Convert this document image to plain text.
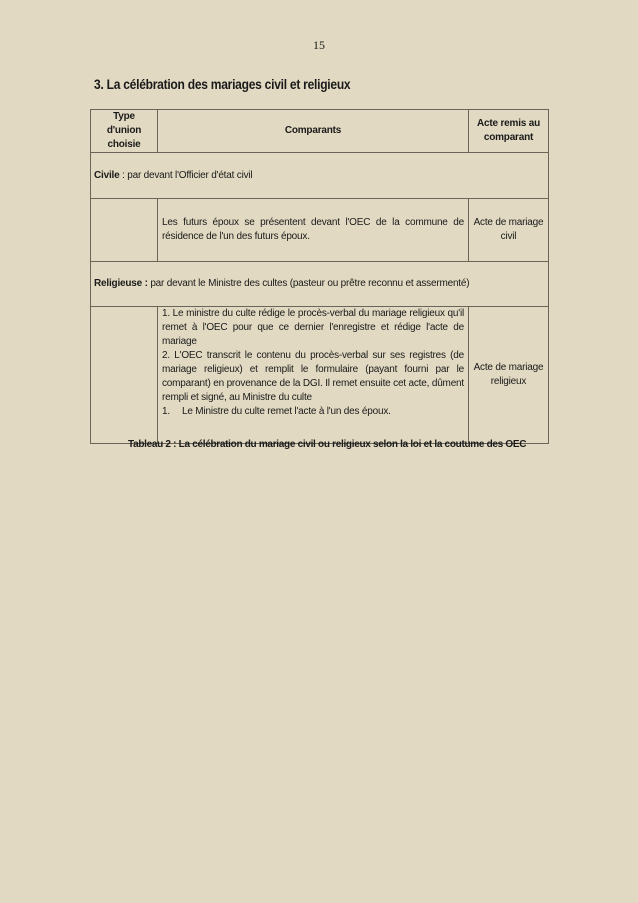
15
3. La célébration des mariages civil et religieux
Type d'union choisie	Comparants	Acte remis au comparant
Civile : par devant l'Officier d'état civil		
	Les futurs époux se présentent devant l'OEC de la commune de résidence de l'un des futurs époux.	Acte de mariage civil
Religieuse : par devant le Ministre des cultes (pasteur ou prêtre reconnu et assermenté)		

	1. Le ministre du culte rédige le procès-verbal du mariage religieux qu'il remet à l'OEC pour que ce dernier l'enregistre et rédige l'acte de mariage
2. L'OEC transcrit le contenu du procès-verbal sur ses registres (de mariage religieux) et remplit le formulaire (payant fourni par le comparant) en provenance de la DGI. Il remet ensuite cet acte, dûment rempli et signé, au Ministre du culte
1. Le Ministre du culte remet l'acte à l'un des époux.	Acte de mariage religieux
Tableau 2 : La célébration du mariage civil ou religieux selon la loi et la coutume des OEC
